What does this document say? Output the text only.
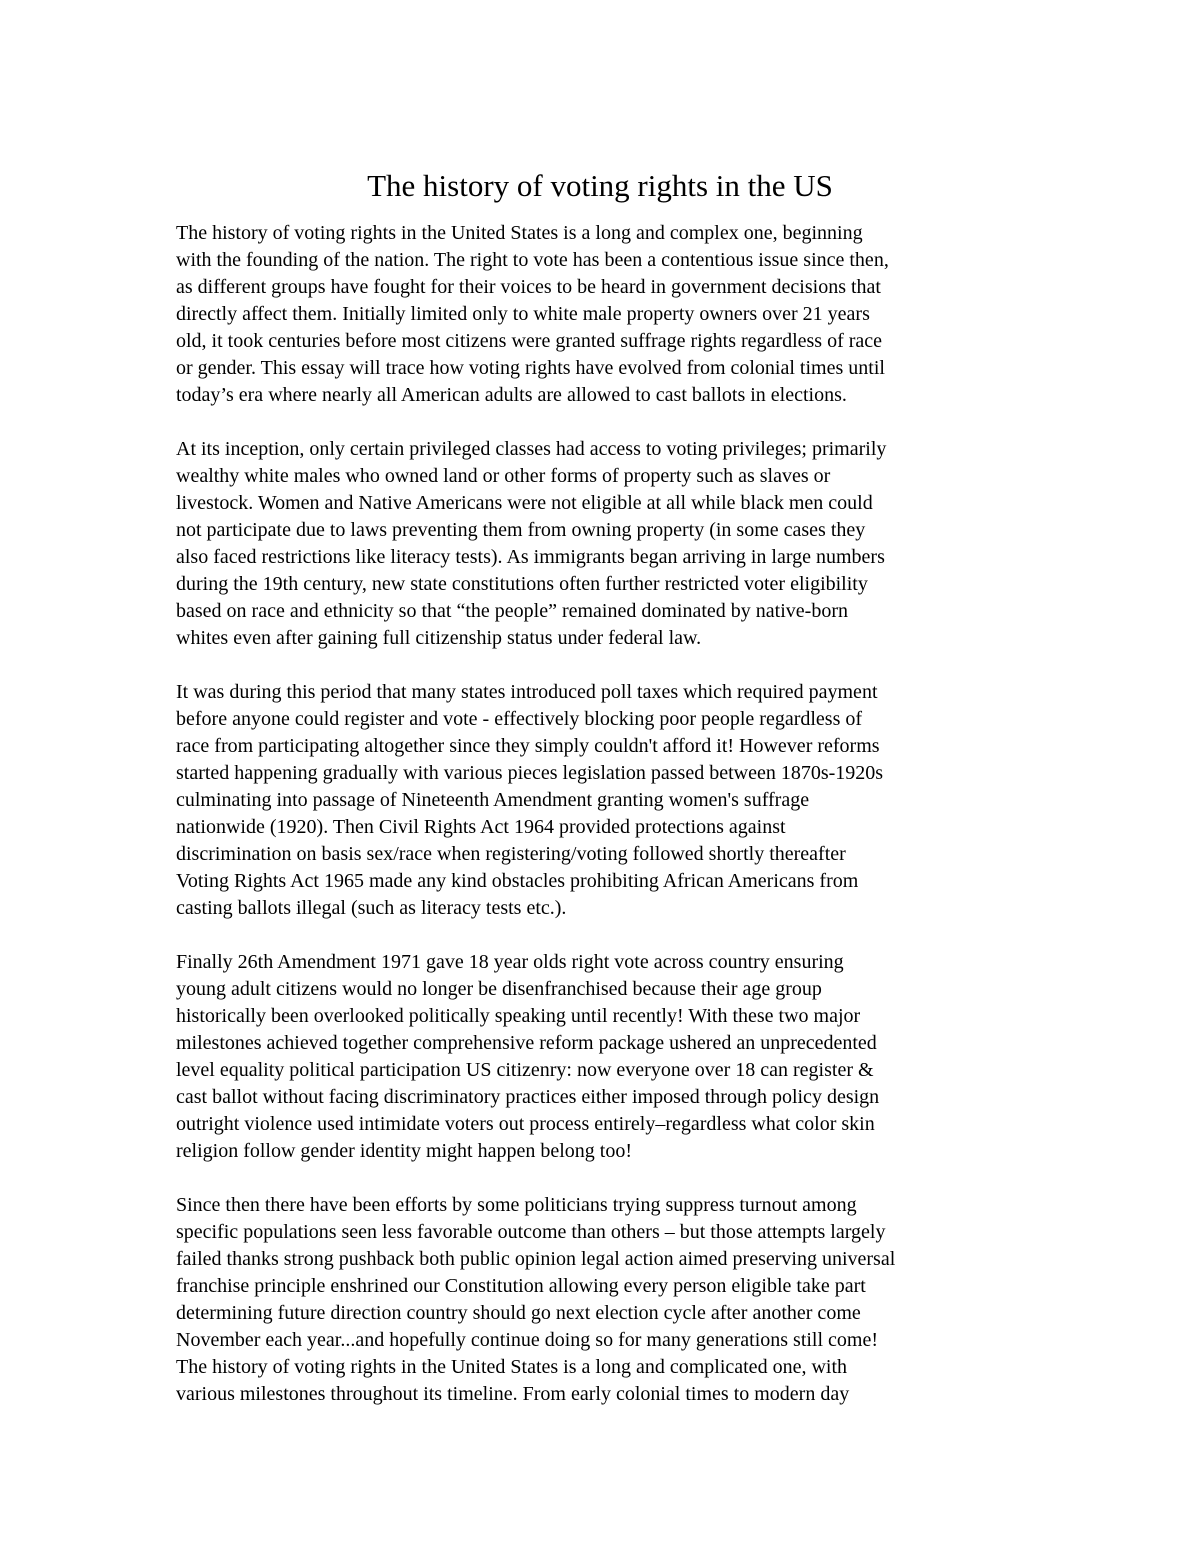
The history of voting rights in the US
The history of voting rights in the United States is a long and complex one, beginning
with the founding of the nation. The right to vote has been a contentious issue since then,
as different groups have fought for their voices to be heard in government decisions that
directly affect them. Initially limited only to white male property owners over 21 years
old, it took centuries before most citizens were granted suffrage rights regardless of race
or gender. This essay will trace how voting rights have evolved from colonial times until
today’s era where nearly all American adults are allowed to cast ballots in elections.
At its inception, only certain privileged classes had access to voting privileges; primarily
wealthy white males who owned land or other forms of property such as slaves or
livestock. Women and Native Americans were not eligible at all while black men could
not participate due to laws preventing them from owning property (in some cases they
also faced restrictions like literacy tests). As immigrants began arriving in large numbers
during the 19th century, new state constitutions often further restricted voter eligibility
based on race and ethnicity so that “the people” remained dominated by native-born
whites even after gaining full citizenship status under federal law.
It was during this period that many states introduced poll taxes which required payment
before anyone could register and vote - effectively blocking poor people regardless of
race from participating altogether since they simply couldn't afford it! However reforms
started happening gradually with various pieces legislation passed between 1870s-1920s
culminating into passage of Nineteenth Amendment granting women's suffrage
nationwide (1920). Then Civil Rights Act 1964 provided protections against
discrimination on basis sex/race when registering/voting followed shortly thereafter
Voting Rights Act 1965 made any kind obstacles prohibiting African Americans from
casting ballots illegal (such as literacy tests etc.).
Finally 26th Amendment 1971 gave 18 year olds right vote across country ensuring
young adult citizens would no longer be disenfranchised because their age group
historically been overlooked politically speaking until recently! With these two major
milestones achieved together comprehensive reform package ushered an unprecedented
level equality political participation US citizenry: now everyone over 18 can register &
cast ballot without facing discriminatory practices either imposed through policy design
outright violence used intimidate voters out process entirely–regardless what color skin
religion follow gender identity might happen belong too!
Since then there have been efforts by some politicians trying suppress turnout among
specific populations seen less favorable outcome than others – but those attempts largely
failed thanks strong pushback both public opinion legal action aimed preserving universal
franchise principle enshrined our Constitution allowing every person eligible take part
determining future direction country should go next election cycle after another come
November each year...and hopefully continue doing so for many generations still come!
The history of voting rights in the United States is a long and complicated one, with
various milestones throughout its timeline. From early colonial times to modern day
